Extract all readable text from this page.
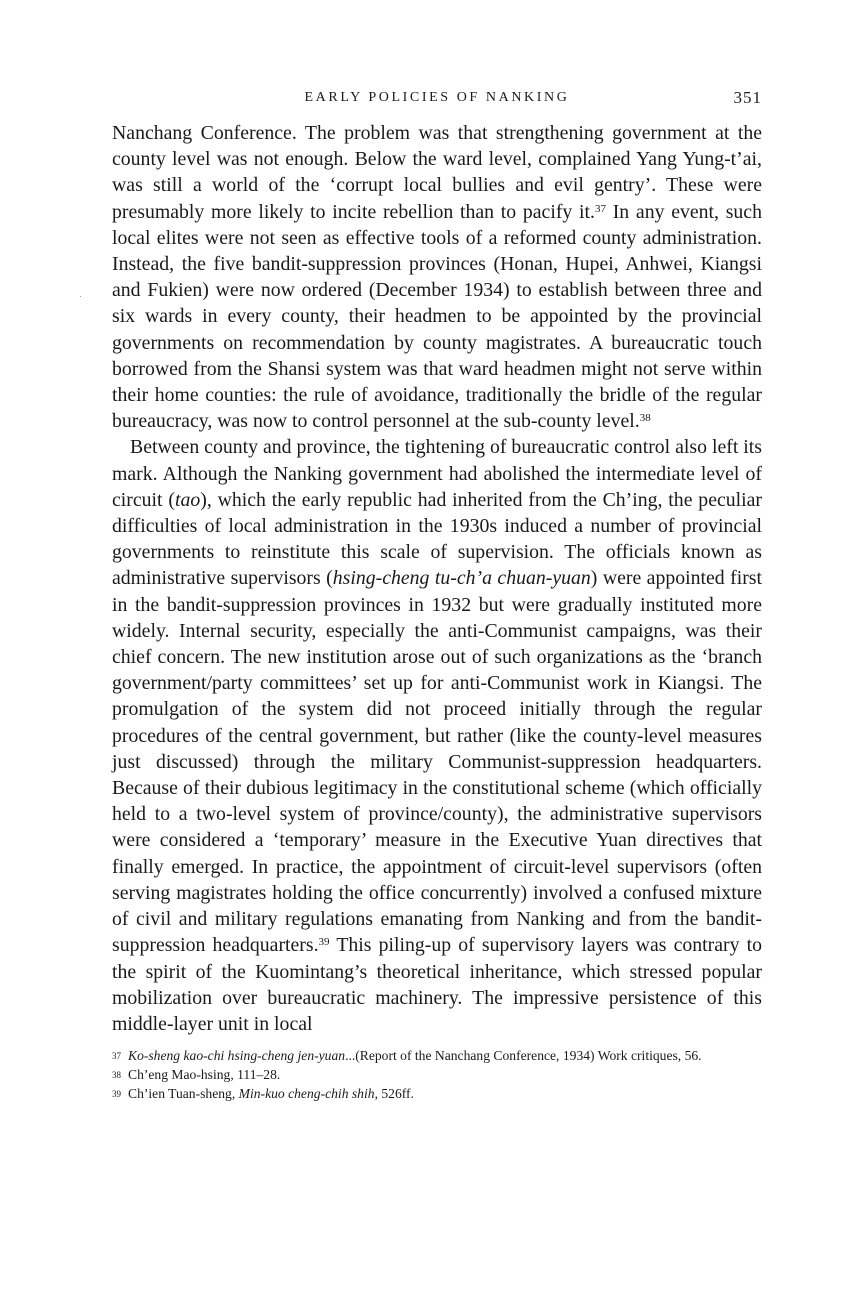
EARLY POLICIES OF NANKING	351

Nanchang Conference. The problem was that strengthening government at the county level was not enough. Below the ward level, complained Yang Yung-t’ai, was still a world of the ‘corrupt local bullies and evil gentry’. These were presumably more likely to incite rebellion than to pacify it.$^{37}$ In any event, such local elites were not seen as effective tools of a reformed county administration. Instead, the five bandit-suppression provinces (Honan, Hupei, Anhwei, Kiangsi and Fukien) were now ordered (December 1934) to establish between three and six wards in every county, their headmen to be appointed by the provincial governments on recommendation by county magistrates. A bureaucratic touch borrowed from the Shansi system was that ward headmen might not serve within their home counties: the rule of avoidance, traditionally the bridle of the regular bureaucracy, was now to control personnel at the sub-county level.$^{38}$

Between county and province, the tightening of bureaucratic control also left its mark. Although the Nanking government had abolished the intermediate level of circuit (tao), which the early republic had inherited from the Ch’ing, the peculiar difficulties of local administration in the 1930s induced a number of provincial governments to reinstitute this scale of supervision. The officials known as administrative supervisors (hsing-cheng tu-ch’a chuan-yuan) were appointed first in the bandit-suppression provinces in 1932 but were gradually instituted more widely. Internal security, especially the anti-Communist campaigns, was their chief concern. The new institution arose out of such organizations as the ‘branch government/party committees’ set up for anti-Communist work in Kiangsi. The promulgation of the system did not proceed initially through the regular procedures of the central government, but rather (like the county-level measures just discussed) through the military Communist-suppression headquarters. Because of their dubious legitimacy in the constitutional scheme (which officially held to a two-level system of province/county), the administrative supervisors were considered a ‘temporary’ measure in the Executive Yuan directives that finally emerged. In practice, the appointment of circuit-level supervisors (often serving magistrates holding the office concurrently) involved a confused mixture of civil and military regulations emanating from Nanking and from the bandit-suppression headquarters.$^{39}$ This piling-up of supervisory layers was contrary to the spirit of the Kuomintang’s theoretical inheritance, which stressed popular mobilization over bureaucratic machinery. The impressive persistence of this middle-layer unit in local

37 Ko-sheng kao-chi hsing-cheng jen-yuan...(Report of the Nanchang Conference, 1934) Work critiques, 56.
38 Ch’eng Mao-hsing, 111–28.
39 Ch’ien Tuan-sheng, Min-kuo cheng-chih shih, 526ff.
